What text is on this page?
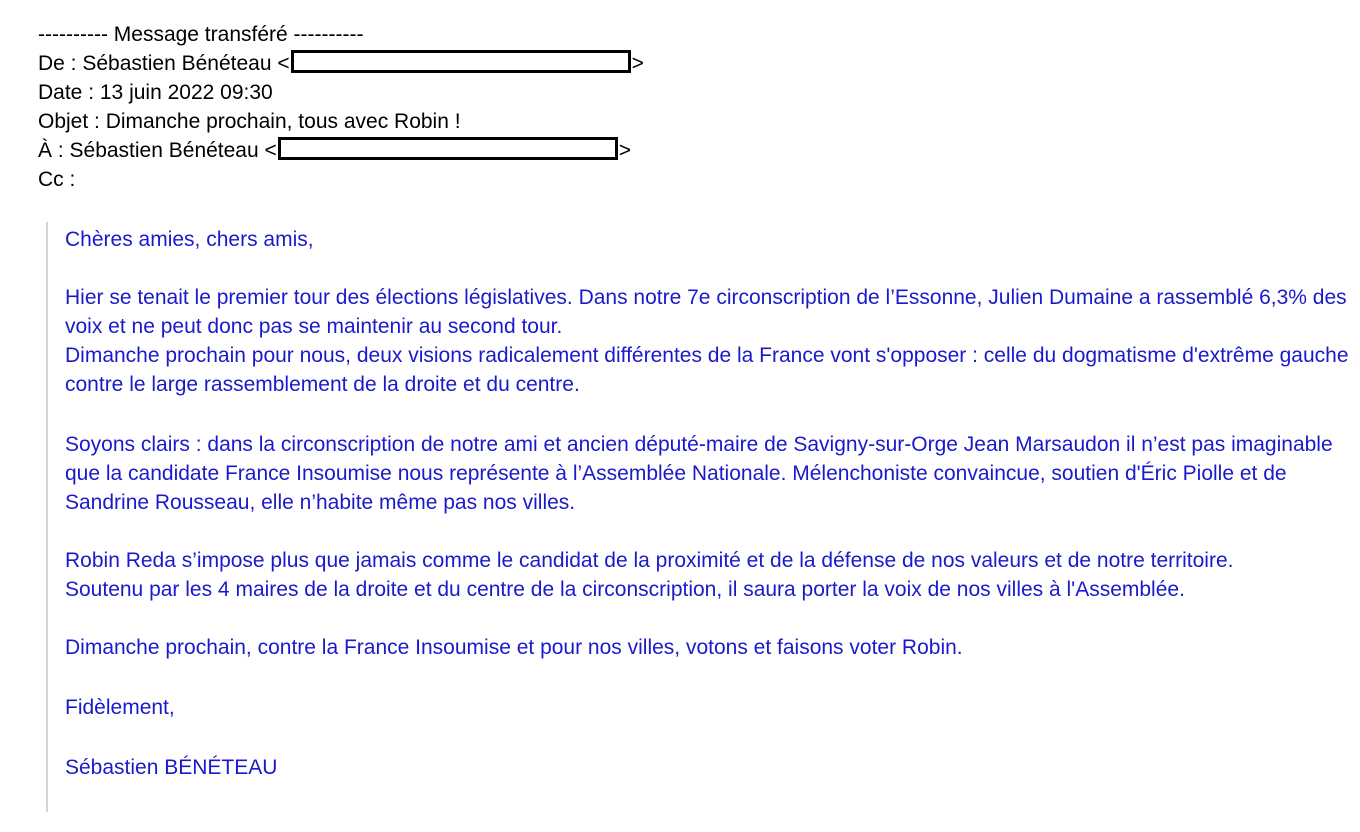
---------- Message transféré ----------
De : Sébastien Bénéteau <	>
Date : 13 juin 2022 09:30
Objet : Dimanche prochain, tous avec Robin !
À : Sébastien Bénéteau <	>
Cc :
Chères amies, chers amis,
Hier se tenait le premier tour des élections législatives. Dans notre 7e circonscription de l’Essonne, Julien Dumaine a rassemblé 6,3% des voix et ne peut donc pas se maintenir au second tour.
Dimanche prochain pour nous, deux visions radicalement différentes de la France vont s'opposer : celle du dogmatisme d'extrême gauche contre le large rassemblement de la droite et du centre.
Soyons clairs : dans la circonscription de notre ami et ancien député-maire de Savigny-sur-Orge Jean Marsaudon il n’est pas imaginable que la candidate France Insoumise nous représente à l’Assemblée Nationale. Mélenchoniste convaincue, soutien d'Éric Piolle et de Sandrine Rousseau, elle n’habite même pas nos villes.
Robin Reda s’impose plus que jamais comme le candidat de la proximité et de la défense de nos valeurs et de notre territoire.
Soutenu par les 4 maires de la droite et du centre de la circonscription, il saura porter la voix de nos villes à l'Assemblée.
Dimanche prochain, contre la France Insoumise et pour nos villes, votons et faisons voter Robin.
Fidèlement,
Sébastien BÉNÉTEAU
